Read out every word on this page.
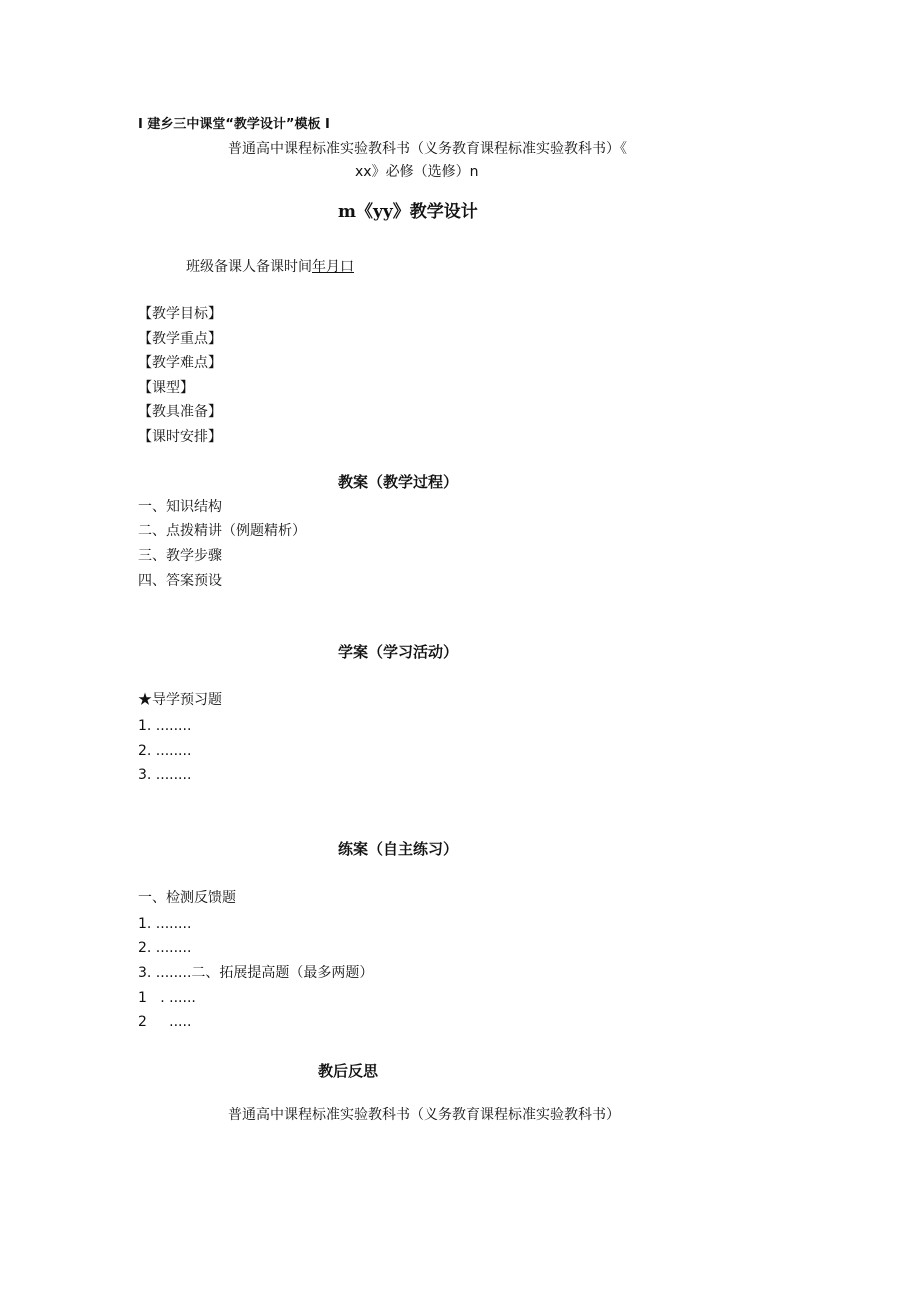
I 建乡三中课堂“教学设计”模板 I
普通高中课程标准实验教科书（义务教育课程标准实验教科书）《
xx》必修（选修）n
m《yy》教学设计
班级备课人备课时间年月口
【教学目标】
【教学重点】
【教学难点】
【课型】
【教具准备】
【课时安排】
教案（教学过程）
一、知识结构
二、点拨精讲（例题精析）
三、教学步骤
四、答案预设
学案（学习活动）
★导学预习题
1. ........
2. ........
3. ........
练案（自主练习）
一、检测反馈题
1. ........
2. ........
3. ........二、拓展提高题（最多两题）
1   . ......
2     .....
教后反思
普通高中课程标准实验教科书（义务教育课程标准实验教科书）
